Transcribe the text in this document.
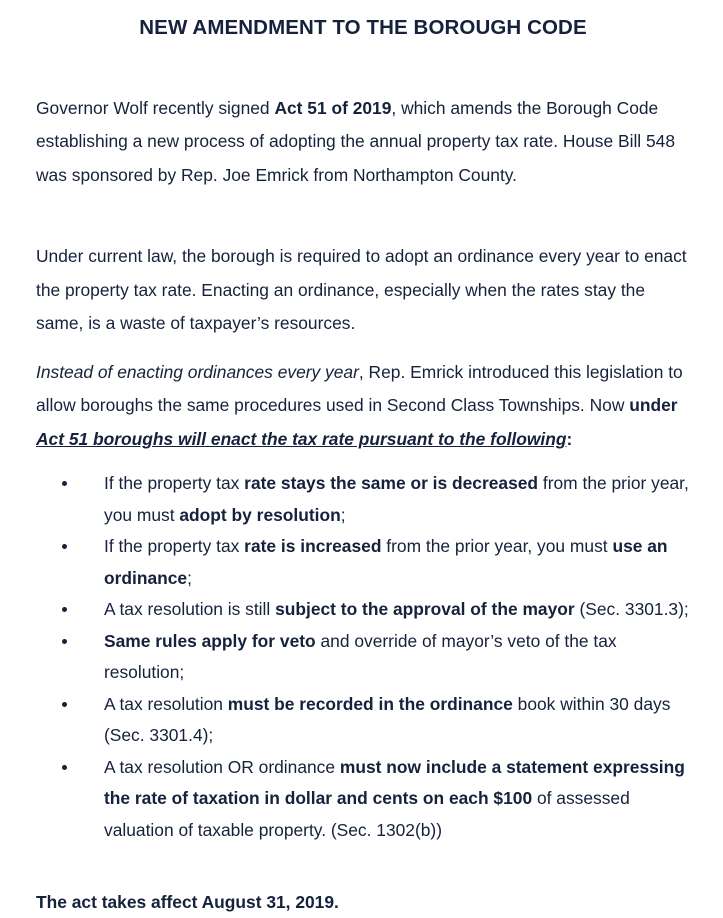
NEW AMENDMENT TO THE BOROUGH CODE

Governor Wolf recently signed Act 51 of 2019, which amends the Borough Code establishing a new process of adopting the annual property tax rate. House Bill 548 was sponsored by Rep. Joe Emrick from Northampton County.

Under current law, the borough is required to adopt an ordinance every year to enact the property tax rate. Enacting an ordinance, especially when the rates stay the same, is a waste of taxpayer’s resources.

Instead of enacting ordinances every year, Rep. Emrick introduced this legislation to allow boroughs the same procedures used in Second Class Townships. Now under Act 51 boroughs will enact the tax rate pursuant to the following:

If the property tax rate stays the same or is decreased from the prior year, you must adopt by resolution;
If the property tax rate is increased from the prior year, you must use an ordinance;
A tax resolution is still subject to the approval of the mayor (Sec. 3301.3);
Same rules apply for veto and override of mayor’s veto of the tax resolution;
A tax resolution must be recorded in the ordinance book within 30 days (Sec. 3301.4);
A tax resolution OR ordinance must now include a statement expressing the rate of taxation in dollar and cents on each $100 of assessed valuation of taxable property. (Sec. 1302(b))

The act takes affect August 31, 2019.
